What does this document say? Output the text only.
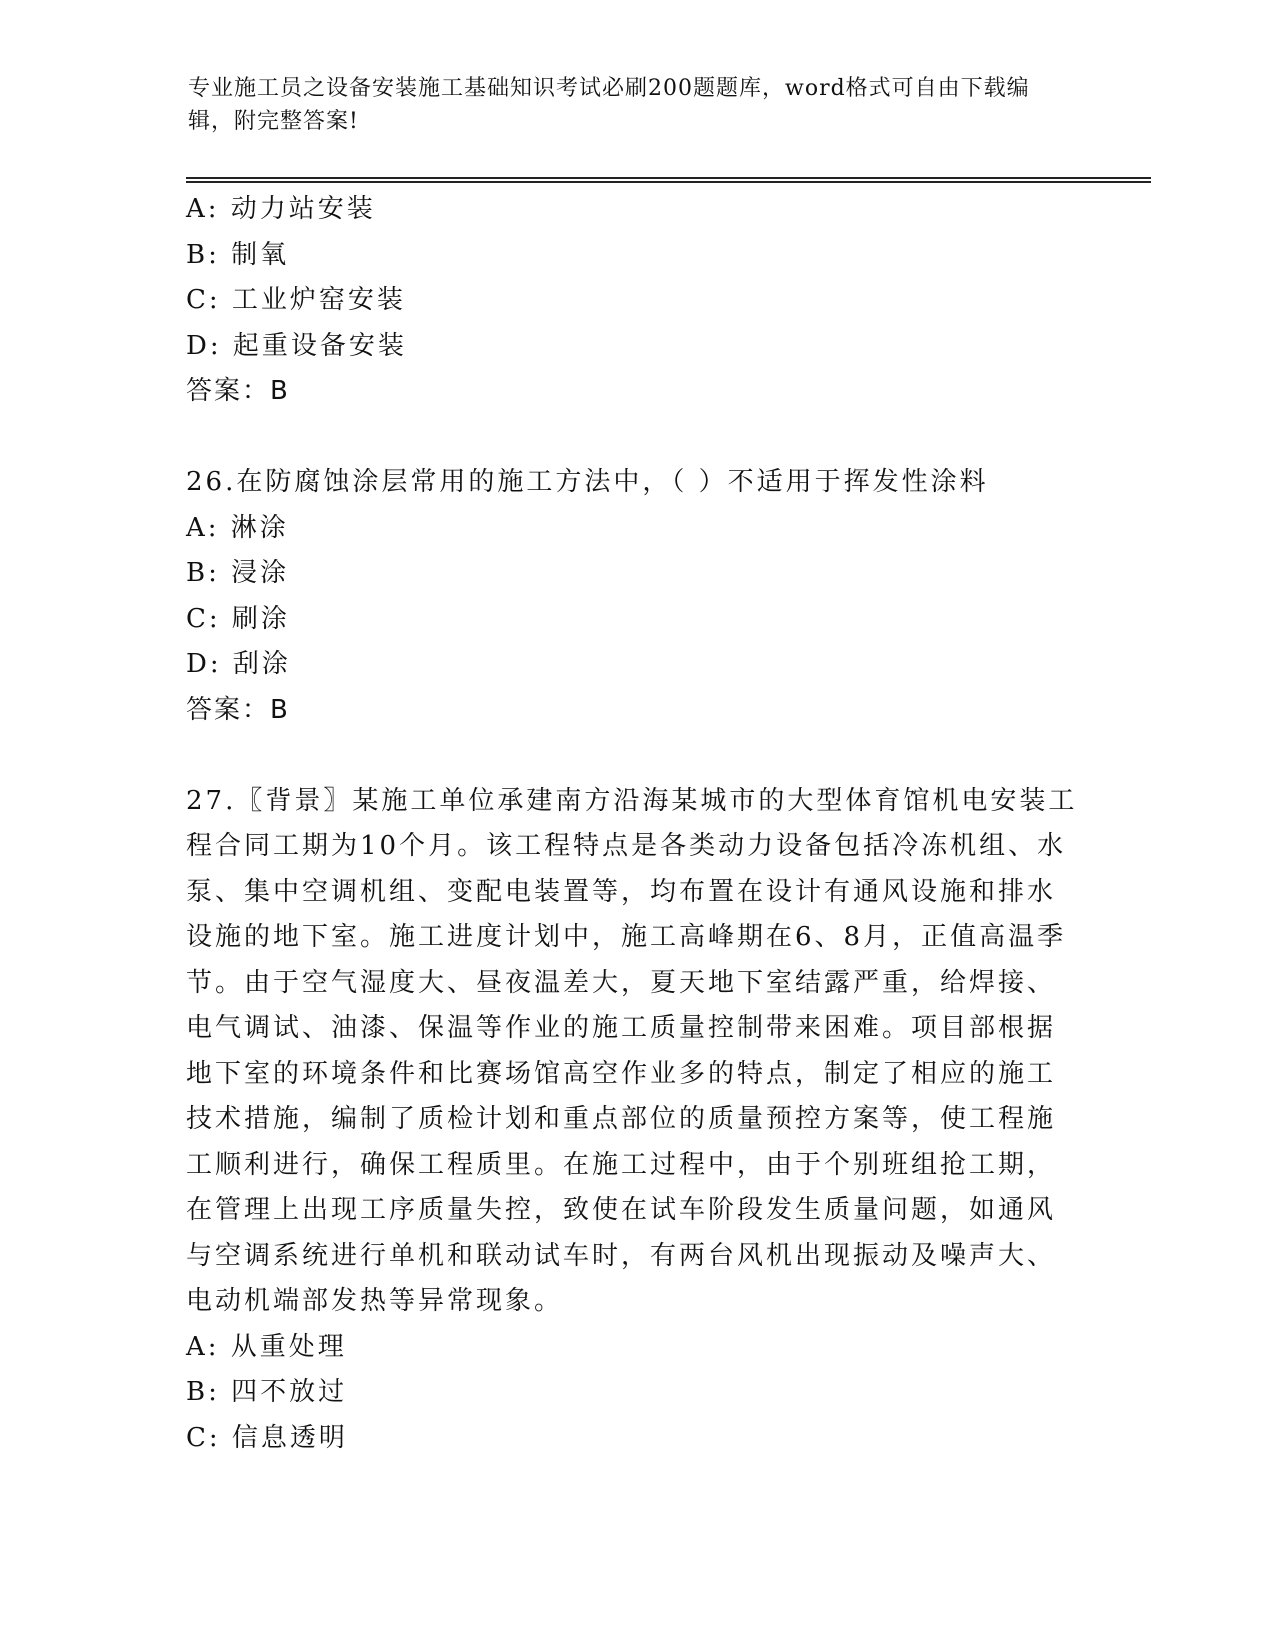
专业施工员之设备安装施工基础知识考试必刷200题题库，word格式可自由下载编辑，附完整答案!
A: 动力站安装
B: 制氧
C: 工业炉窑安装
D: 起重设备安装
答案：B
26.在防腐蚀涂层常用的施工方法中，（ ）不适用于挥发性涂料
A: 淋涂
B: 浸涂
C: 刷涂
D: 刮涂
答案：B
27.〖背景〗某施工单位承建南方沿海某城市的大型体育馆机电安装工
程合同工期为10个月。该工程特点是各类动力设备包括冷冻机组、水
泵、集中空调机组、变配电装置等，均布置在设计有通风设施和排水
设施的地下室。施工进度计划中，施工高峰期在6、8月，正值高温季
节。由于空气湿度大、昼夜温差大，夏天地下室结露严重，给焊接、
电气调试、油漆、保温等作业的施工质量控制带来困难。项目部根据
地下室的环境条件和比赛场馆高空作业多的特点，制定了相应的施工
技术措施，编制了质检计划和重点部位的质量预控方案等，使工程施
工顺利进行，确保工程质里。在施工过程中，由于个别班组抢工期，
在管理上出现工序质量失控，致使在试车阶段发生质量问题，如通风
与空调系统进行单机和联动试车时，有两台风机出现振动及噪声大、
电动机端部发热等异常现象。
A: 从重处理
B: 四不放过
C: 信息透明
